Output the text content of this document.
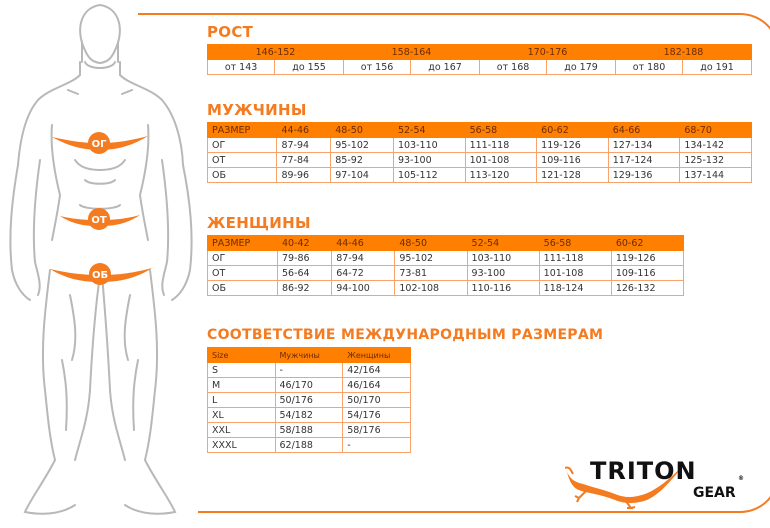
ОГ
ОТ
ОБ
РОСТ
146-152		158-164		170-176		182-188	
от 143	до 155	от 156	до 167	от 168	до 179	от 180	до 191
МУЖЧИНЫ
РАЗМЕР	44-46	48-50	52-54	56-58	60-62	64-66	68-70
ОГ	87-94	95-102	103-110	111-118	119-126	127-134	134-142
ОТ	77-84	85-92	93-100	101-108	109-116	117-124	125-132
ОБ	89-96	97-104	105-112	113-120	121-128	129-136	137-144
ЖЕНЩИНЫ
РАЗМЕР	40-42	44-46	48-50	52-54	56-58	60-62
ОГ	79-86	87-94	95-102	103-110	111-118	119-126
ОТ	56-64	64-72	73-81	93-100	101-108	109-116
ОБ	86-92	94-100	102-108	110-116	118-124	126-132
СООТВЕТСТВИЕ МЕЖДУНАРОДНЫМ РАЗМЕРАМ
Size	Мужчины	Женщины
S	-	42/164
M	46/170	46/164
L	50/176	50/170
XL	54/182	54/176
XXL	58/188	58/176
XXXL	62/188	-
TRITON	®
GEAR
